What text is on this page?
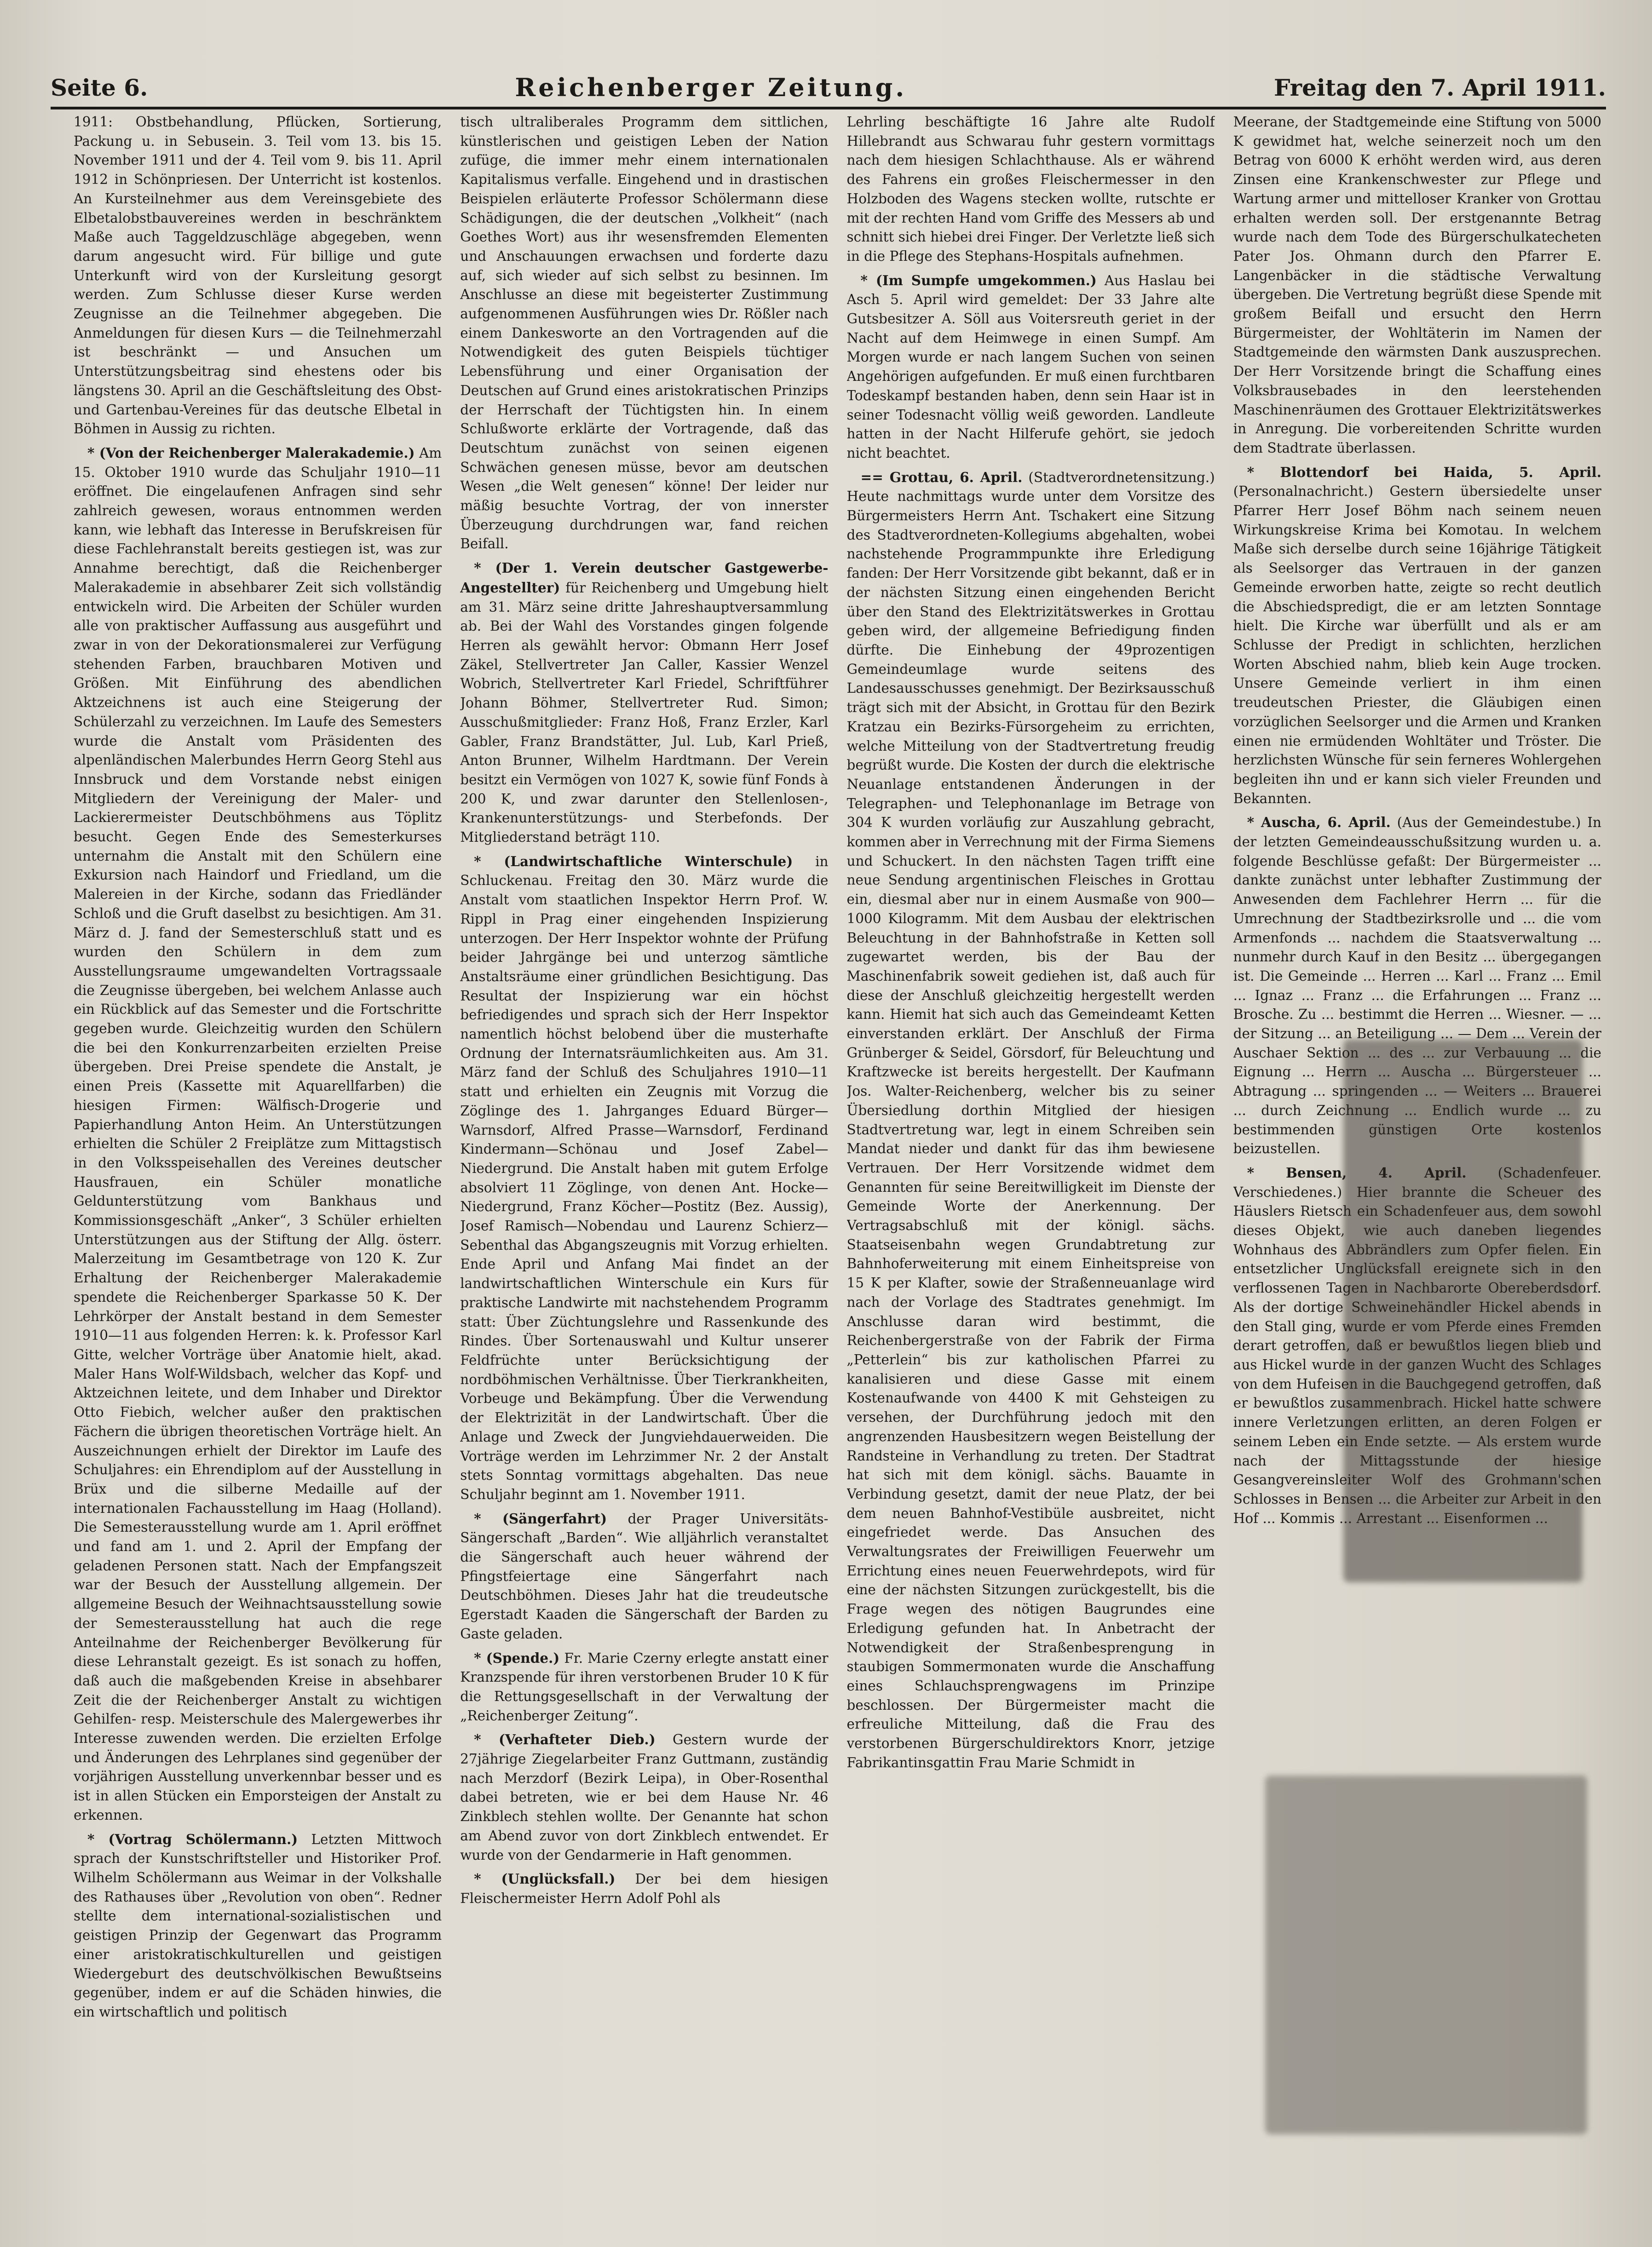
Seite 6.	Reichenberger Zeitung.	Freitag den 7. April 1911.

1911: Obstbehandlung, Pflücken, Sortierung, Packung u. in Sebusein. 3. Teil vom 13. bis 15. November 1911 und der 4. Teil vom 9. bis 11. April 1912 in Schönpriesen. Der Unterricht ist kostenlos. An Kursteilnehmer aus dem Vereinsgebiete des Elbetalobstbauvereines werden in beschränktem Maße auch Taggeldzuschläge abgegeben, wenn darum angesucht wird. Für billige und gute Unterkunft wird von der Kursleitung gesorgt werden. Zum Schlusse dieser Kurse werden Zeugnisse an die Teilnehmer abgegeben. Die Anmeldungen für diesen Kurs — die Teilnehmerzahl ist beschränkt — und Ansuchen um Unterstützungsbeitrag sind ehestens oder bis längstens 30. April an die Geschäftsleitung des Obst- und Gartenbau-Vereines für das deutsche Elbetal in Böhmen in Aussig zu richten.

* (Von der Reichenberger Malerakademie.) Am 15. Oktober 1910 wurde das Schuljahr 1910—11 eröffnet. Die eingelaufenen Anfragen sind sehr zahlreich gewesen, woraus entnommen werden kann, wie lebhaft das Interesse in Berufskreisen für diese Fachlehranstalt bereits gestiegen ist, was zur Annahme berechtigt, daß die Reichenberger Malerakademie in absehbarer Zeit sich vollständig entwickeln wird. Die Arbeiten der Schüler wurden alle von praktischer Auffassung aus ausgeführt und zwar in von der Dekorationsmalerei zur Verfügung stehenden Farben, brauchbaren Motiven und Größen. Mit Einführung des abendlichen Aktzeichnens ist auch eine Steigerung der Schülerzahl zu verzeichnen. Im Laufe des Semesters wurde die Anstalt vom Präsidenten des alpenländischen Malerbundes Herrn Georg Stehl aus Innsbruck und dem Vorstande nebst einigen Mitgliedern der Vereinigung der Maler- und Lackierermeister Deutschböhmens aus Töplitz besucht. Gegen Ende des Semesterkurses unternahm die Anstalt mit den Schülern eine Exkursion nach Haindorf und Friedland, um die Malereien in der Kirche, sodann das Friedländer Schloß und die Gruft daselbst zu besichtigen. Am 31. März d. J. fand der Semesterschluß statt und es wurden den Schülern in dem zum Ausstellungsraume umgewandelten Vortragssaale die Zeugnisse übergeben, bei welchem Anlasse auch ein Rückblick auf das Semester und die Fortschritte gegeben wurde. Gleichzeitig wurden den Schülern die bei den Konkurrenzarbeiten erzielten Preise übergeben. Drei Preise spendete die Anstalt, je einen Preis (Kassette mit Aquarellfarben) die hiesigen Firmen: Wälfisch-Drogerie und Papierhandlung Anton Heim. An Unterstützungen erhielten die Schüler 2 Freiplätze zum Mittagstisch in den Volksspeisehallen des Vereines deutscher Hausfrauen, ein Schüler monatliche Geldunterstützung vom Bankhaus und Kommissionsgeschäft „Anker“, 3 Schüler erhielten Unterstützungen aus der Stiftung der Allg. österr. Malerzeitung im Gesamtbetrage von 120 K. Zur Erhaltung der Reichenberger Malerakademie spendete die Reichenberger Sparkasse 50 K. Der Lehrkörper der Anstalt bestand in dem Semester 1910—11 aus folgenden Herren: k. k. Professor Karl Gitte, welcher Vorträge über Anatomie hielt, akad. Maler Hans Wolf-Wildsbach, welcher das Kopf- und Aktzeichnen leitete, und dem Inhaber und Direktor Otto Fiebich, welcher außer den praktischen Fächern die übrigen theoretischen Vorträge hielt. An Auszeichnungen erhielt der Direktor im Laufe des Schuljahres: ein Ehrendiplom auf der Ausstellung in Brüx und die silberne Medaille auf der internationalen Fachausstellung im Haag (Holland). Die Semesterausstellung wurde am 1. April eröffnet und fand am 1. und 2. April der Empfang der geladenen Personen statt. Nach der Empfangszeit war der Besuch der Ausstellung allgemein. Der allgemeine Besuch der Weihnachtsausstellung sowie der Semesterausstellung hat auch die rege Anteilnahme der Reichenberger Bevölkerung für diese Lehranstalt gezeigt. Es ist sonach zu hoffen, daß auch die maßgebenden Kreise in absehbarer Zeit die der Reichenberger Anstalt zu wichtigen Gehilfen- resp. Meisterschule des Malergewerbes ihr Interesse zuwenden werden. Die erzielten Erfolge und Änderungen des Lehrplanes sind gegenüber der vorjährigen Ausstellung unverkennbar besser und es ist in allen Stücken ein Emporsteigen der Anstalt zu erkennen.

* (Vortrag Schölermann.) Letzten Mittwoch sprach der Kunstschriftsteller und Historiker Prof. Wilhelm Schölermann aus Weimar in der Volkshalle des Rathauses über „Revolution von oben“. Redner stellte dem international-sozialistischen und geistigen Prinzip der Gegenwart das Programm einer aristokratischkulturellen und geistigen Wiedergeburt des deutschvölkischen Bewußtseins gegenüber, indem er auf die Schäden hinwies, die ein wirtschaftlich und politisch

tisch ultraliberales Programm dem sittlichen, künstlerischen und geistigen Leben der Nation zufüge, die immer mehr einem internationalen Kapitalismus verfalle. Eingehend und in drastischen Beispielen erläuterte Professor Schölermann diese Schädigungen, die der deutschen „Volkheit“ (nach Goethes Wort) aus ihr wesensfremden Elementen und Anschauungen erwachsen und forderte dazu auf, sich wieder auf sich selbst zu besinnen. Im Anschlusse an diese mit begeisterter Zustimmung aufgenommenen Ausführungen wies Dr. Rößler nach einem Dankesworte an den Vortragenden auf die Notwendigkeit des guten Beispiels tüchtiger Lebensführung und einer Organisation der Deutschen auf Grund eines aristokratischen Prinzips der Herrschaft der Tüchtigsten hin. In einem Schlußworte erklärte der Vortragende, daß das Deutschtum zunächst von seinen eigenen Schwächen genesen müsse, bevor am deutschen Wesen „die Welt genesen“ könne! Der leider nur mäßig besuchte Vortrag, der von innerster Überzeugung durchdrungen war, fand reichen Beifall.

* (Der 1. Verein deutscher Gastgewerbe-Angestellter) für Reichenberg und Umgebung hielt am 31. März seine dritte Jahreshauptversammlung ab. Bei der Wahl des Vorstandes gingen folgende Herren als gewählt hervor: Obmann Herr Josef Zäkel, Stellvertreter Jan Caller, Kassier Wenzel Wobrich, Stellvertreter Karl Friedel, Schriftführer Johann Böhmer, Stellvertreter Rud. Simon; Ausschußmitglieder: Franz Hoß, Franz Erzler, Karl Gabler, Franz Brandstätter, Jul. Lub, Karl Prieß, Anton Brunner, Wilhelm Hardtmann. Der Verein besitzt ein Vermögen von 1027 K, sowie fünf Fonds à 200 K, und zwar darunter den Stellenlosen-, Krankenunterstützungs- und Sterbefonds. Der Mitgliederstand beträgt 110.

* (Landwirtschaftliche Winterschule) in Schluckenau. Freitag den 30. März wurde die Anstalt vom staatlichen Inspektor Herrn Prof. W. Rippl in Prag einer eingehenden Inspizierung unterzogen. Der Herr Inspektor wohnte der Prüfung beider Jahrgänge bei und unterzog sämtliche Anstaltsräume einer gründlichen Besichtigung. Das Resultat der Inspizierung war ein höchst befriedigendes und sprach sich der Herr Inspektor namentlich höchst belobend über die musterhafte Ordnung der Internatsräumlichkeiten aus. Am 31. März fand der Schluß des Schuljahres 1910—11 statt und erhielten ein Zeugnis mit Vorzug die Zöglinge des 1. Jahrganges Eduard Bürger—Warnsdorf, Alfred Prasse—Warnsdorf, Ferdinand Kindermann—Schönau und Josef Zabel—Niedergrund. Die Anstalt haben mit gutem Erfolge absolviert 11 Zöglinge, von denen Ant. Hocke—Niedergrund, Franz Köcher—Postitz (Bez. Aussig), Josef Ramisch—Nobendau und Laurenz Schierz—Sebenthal das Abgangszeugnis mit Vorzug erhielten. Ende April und Anfang Mai findet an der landwirtschaftlichen Winterschule ein Kurs für praktische Landwirte mit nachstehendem Programm statt: Über Züchtungslehre und Rassenkunde des Rindes. Über Sortenauswahl und Kultur unserer Feldfrüchte unter Berücksichtigung der nordböhmischen Verhältnisse. Über Tierkrankheiten, Vorbeuge und Bekämpfung. Über die Verwendung der Elektrizität in der Landwirtschaft. Über die Anlage und Zweck der Jungviehdauerweiden. Die Vorträge werden im Lehrzimmer Nr. 2 der Anstalt stets Sonntag vormittags abgehalten. Das neue Schuljahr beginnt am 1. November 1911.

* (Sängerfahrt) der Prager Universitäts-Sängerschaft „Barden“. Wie alljährlich veranstaltet die Sängerschaft auch heuer während der Pfingstfeiertage eine Sängerfahrt nach Deutschböhmen. Dieses Jahr hat die treudeutsche Egerstadt Kaaden die Sängerschaft der Barden zu Gaste geladen.

* (Spende.) Fr. Marie Czerny erlegte anstatt einer Kranzspende für ihren verstorbenen Bruder 10 K für die Rettungsgesellschaft in der Verwaltung der „Reichenberger Zeitung“.

* (Verhafteter Dieb.) Gestern wurde der 27jährige Ziegelarbeiter Franz Guttmann, zuständig nach Merzdorf (Bezirk Leipa), in Ober-Rosenthal dabei betreten, wie er bei dem Hause Nr. 46 Zinkblech stehlen wollte. Der Genannte hat schon am Abend zuvor von dort Zinkblech entwendet. Er wurde von der Gendarmerie in Haft genommen.

* (Unglücksfall.) Der bei dem hiesigen Fleischermeister Herrn Adolf Pohl als

Lehrling beschäftigte 16 Jahre alte Rudolf Hillebrandt aus Schwarau fuhr gestern vormittags nach dem hiesigen Schlachthause. Als er während des Fahrens ein großes Fleischermesser in den Holzboden des Wagens stecken wollte, rutschte er mit der rechten Hand vom Griffe des Messers ab und schnitt sich hiebei drei Finger. Der Verletzte ließ sich in die Pflege des Stephans-Hospitals aufnehmen.

* (Im Sumpfe umgekommen.) Aus Haslau bei Asch 5. April wird gemeldet: Der 33 Jahre alte Gutsbesitzer A. Söll aus Voitersreuth geriet in der Nacht auf dem Heimwege in einen Sumpf. Am Morgen wurde er nach langem Suchen von seinen Angehörigen aufgefunden. Er muß einen furchtbaren Todeskampf bestanden haben, denn sein Haar ist in seiner Todesnacht völlig weiß geworden. Landleute hatten in der Nacht Hilferufe gehört, sie jedoch nicht beachtet.

== Grottau, 6. April. (Stadtverordnetensitzung.) Heute nachmittags wurde unter dem Vorsitze des Bürgermeisters Herrn Ant. Tschakert eine Sitzung des Stadtverordneten-Kollegiums abgehalten, wobei nachstehende Programmpunkte ihre Erledigung fanden: Der Herr Vorsitzende gibt bekannt, daß er in der nächsten Sitzung einen eingehenden Bericht über den Stand des Elektrizitätswerkes in Grottau geben wird, der allgemeine Befriedigung finden dürfte. Die Einhebung der 49prozentigen Gemeindeumlage wurde seitens des Landesausschusses genehmigt. Der Bezirksausschuß trägt sich mit der Absicht, in Grottau für den Bezirk Kratzau ein Bezirks-Fürsorgeheim zu errichten, welche Mitteilung von der Stadtvertretung freudig begrüßt wurde. Die Kosten der durch die elektrische Neuanlage entstandenen Änderungen in der Telegraphen- und Telephonanlage im Betrage von 304 K wurden vorläufig zur Auszahlung gebracht, kommen aber in Verrechnung mit der Firma Siemens und Schuckert. In den nächsten Tagen trifft eine neue Sendung argentinischen Fleisches in Grottau ein, diesmal aber nur in einem Ausmaße von 900—1000 Kilogramm. Mit dem Ausbau der elektrischen Beleuchtung in der Bahnhofstraße in Ketten soll zugewartet werden, bis der Bau der Maschinenfabrik soweit gediehen ist, daß auch für diese der Anschluß gleichzeitig hergestellt werden kann. Hiemit hat sich auch das Gemeindeamt Ketten einverstanden erklärt. Der Anschluß der Firma Grünberger & Seidel, Görsdorf, für Beleuchtung und Kraftzwecke ist bereits hergestellt. Der Kaufmann Jos. Walter-Reichenberg, welcher bis zu seiner Übersiedlung dorthin Mitglied der hiesigen Stadtvertretung war, legt in einem Schreiben sein Mandat nieder und dankt für das ihm bewiesene Vertrauen. Der Herr Vorsitzende widmet dem Genannten für seine Bereitwilligkeit im Dienste der Gemeinde Worte der Anerkennung. Der Vertragsabschluß mit der königl. sächs. Staatseisenbahn wegen Grundabtretung zur Bahnhoferweiterung mit einem Einheitspreise von 15 K per Klafter, sowie der Straßenneuanlage wird nach der Vorlage des Stadtrates genehmigt. Im Anschlusse daran wird bestimmt, die Reichenbergerstraße von der Fabrik der Firma „Petterlein“ bis zur katholischen Pfarrei zu kanalisieren und diese Gasse mit einem Kostenaufwande von 4400 K mit Gehsteigen zu versehen, der Durchführung jedoch mit den angrenzenden Hausbesitzern wegen Beistellung der Randsteine in Verhandlung zu treten. Der Stadtrat hat sich mit dem königl. sächs. Bauamte in Verbindung gesetzt, damit der neue Platz, der bei dem neuen Bahnhof-Vestibüle ausbreitet, nicht eingefriedet werde. Das Ansuchen des Verwaltungsrates der Freiwilligen Feuerwehr um Errichtung eines neuen Feuerwehrdepots, wird für eine der nächsten Sitzungen zurückgestellt, bis die Frage wegen des nötigen Baugrundes eine Erledigung gefunden hat. In Anbetracht der Notwendigkeit der Straßenbesprengung in staubigen Sommermonaten wurde die Anschaffung eines Schlauchsprengwagens im Prinzipe beschlossen. Der Bürgermeister macht die erfreuliche Mitteilung, daß die Frau des verstorbenen Bürgerschuldirektors Knorr, jetzige Fabrikantinsgattin Frau Marie Schmidt in

Meerane, der Stadtgemeinde eine Stiftung von 5000 K gewidmet hat, welche seinerzeit noch um den Betrag von 6000 K erhöht werden wird, aus deren Zinsen eine Krankenschwester zur Pflege und Wartung armer und mittelloser Kranker von Grottau erhalten werden soll. Der erstgenannte Betrag wurde nach dem Tode des Bürgerschulkatecheten Pater Jos. Ohmann durch den Pfarrer E. Langenbäcker in die städtische Verwaltung übergeben. Die Vertretung begrüßt diese Spende mit großem Beifall und ersucht den Herrn Bürgermeister, der Wohltäterin im Namen der Stadtgemeinde den wärmsten Dank auszusprechen. Der Herr Vorsitzende bringt die Schaffung eines Volksbrausebades in den leerstehenden Maschinenräumen des Grottauer Elektrizitätswerkes in Anregung. Die vorbereitenden Schritte wurden dem Stadtrate überlassen.

* Blottendorf bei Haida, 5. April. (Personalnachricht.) Gestern übersiedelte unser Pfarrer Herr Josef Böhm nach seinem neuen Wirkungskreise Krima bei Komotau. In welchem Maße sich derselbe durch seine 16jährige Tätigkeit als Seelsorger das Vertrauen in der ganzen Gemeinde erworben hatte, zeigte so recht deutlich die Abschiedspredigt, die er am letzten Sonntage hielt. Die Kirche war überfüllt und als er am Schlusse der Predigt in schlichten, herzlichen Worten Abschied nahm, blieb kein Auge trocken. Unsere Gemeinde verliert in ihm einen treudeutschen Priester, die Gläubigen einen vorzüglichen Seelsorger und die Armen und Kranken einen nie ermüdenden Wohltäter und Tröster. Die herzlichsten Wünsche für sein ferneres Wohlergehen begleiten ihn und er kann sich vieler Freunden und Bekannten.

* Auscha, 6. April. (Aus der Gemeindestube.) In der letzten Gemeindeausschußsitzung wurden u. a. folgende Beschlüsse gefaßt: Der Bürgermeister ... dankte zunächst unter lebhafter Zustimmung der Anwesenden dem Fachlehrer Herrn ... für die Umrechnung der Stadtbezirksrolle und ... die vom Armenfonds ... nachdem die Staatsverwaltung ... nunmehr durch Kauf in den Besitz ... übergegangen ist. Die Gemeinde ... Herren ... Karl ... Franz ... Emil ... Ignaz ... Franz ... die Erfahrungen ... Franz ... Brosche. Zu ... bestimmt die Herren ... Wiesner. — ... der Sitzung ... an Beteiligung ... — Dem ... Verein der Auschaer Sektion ... des ... zur Verbauung ... die Eignung ... Herrn ... Auscha ... Bürgersteuer ... Abtragung ... springenden ... — Weiters ... Brauerei ... durch Zeichnung ... Endlich wurde ... zu bestimmenden günstigen Orte kostenlos beizustellen.

* Bensen, 4. April. (Schadenfeuer. Verschiedenes.) Hier brannte die Scheuer des Häuslers Rietsch ein Schadenfeuer aus, dem sowohl dieses Objekt, wie auch daneben liegendes Wohnhaus des Abbrändlers zum Opfer fielen. Ein entsetzlicher Unglücksfall ereignete sich in den verflossenen Tagen in Nachbarorte Obereberdsdorf. Als der dortige Schweinehändler Hickel abends in den Stall ging, wurde er vom Pferde eines Fremden derart getroffen, daß er bewußtlos liegen blieb und aus Hickel wurde in der ganzen Wucht des Schlages von dem Hufeisen in die Bauchgegend getroffen, daß er bewußtlos zusammenbrach. Hickel hatte schwere innere Verletzungen erlitten, an deren Folgen er seinem Leben ein Ende setzte. — Als erstem wurde nach der Mittagsstunde der hiesige Gesangvereinsleiter Wolf des Grohmann'schen Schlosses in Bensen ... die Arbeiter zur Arbeit in den Hof ... Kommis ... Arrestant ... Eisenformen ...
